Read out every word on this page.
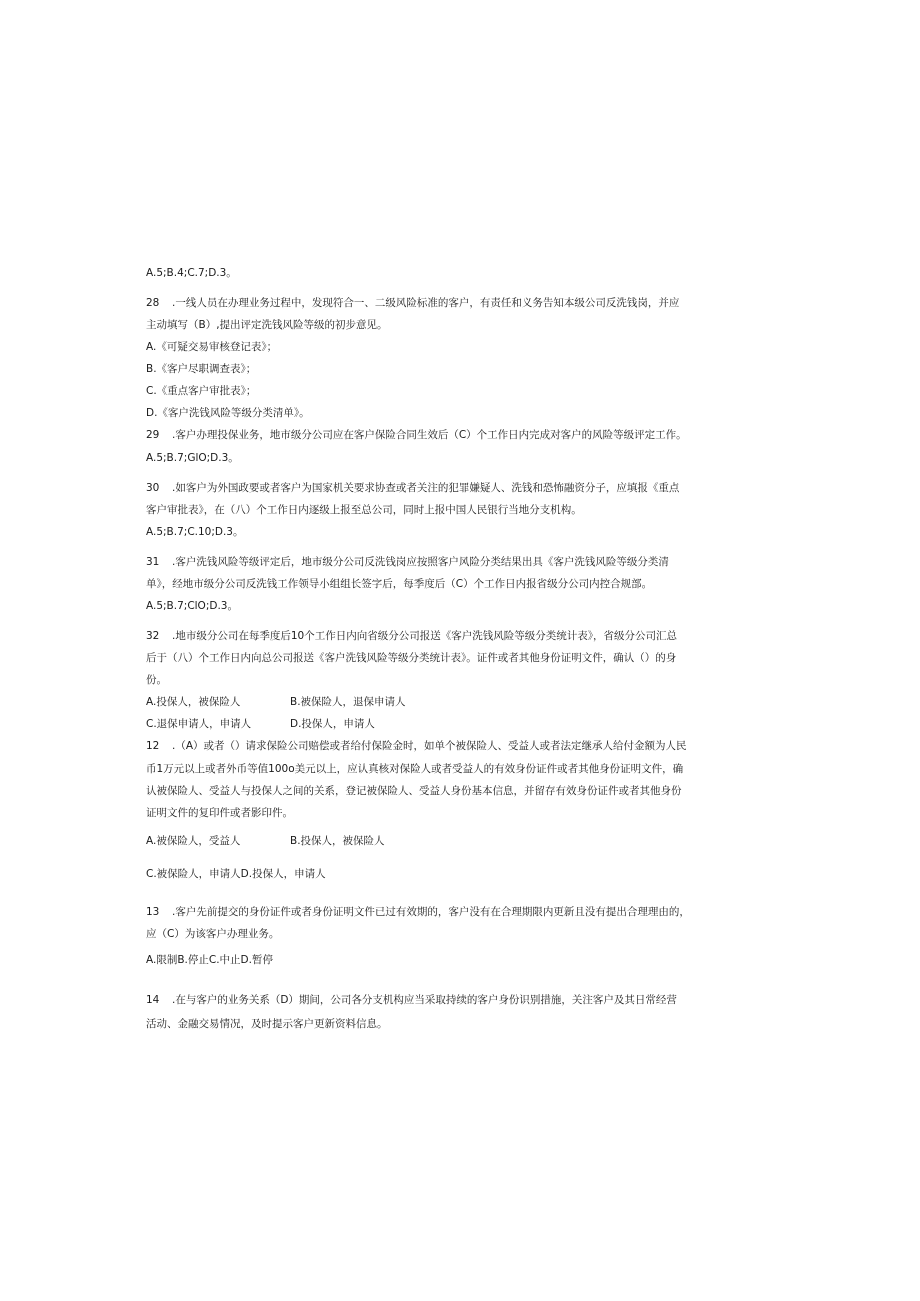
A.5;B.4;C.7;D.3。
28 .一线人员在办理业务过程中，发现符合一、二级风险标准的客户，有责任和义务告知本级公司反洗钱岗，并应
主动填写（B）,提出评定洗钱风险等级的初步意见。
A.《可疑交易审核登记表》；
B.《客户尽职调查表》；
C.《重点客户审批表》；
D.《客户洗钱风险等级分类清单》。
29 .客户办理投保业务，地市级分公司应在客户保险合同生效后（C）个工作日内完成对客户的风险等级评定工作。
A.5;B.7;GlO;D.3。
30 .如客户为外国政要或者客户为国家机关要求协查或者关注的犯罪嫌疑人、洗钱和恐怖融资分子，应填报《重点
客户审批表》，在（八）个工作日内逐级上报至总公司，同时上报中国人民银行当地分支机构。
A.5;B.7;C.10;D.3。
31 .客户洗钱风险等级评定后，地市级分公司反洗钱岗应按照客户风险分类结果出具《客户洗钱风险等级分类清
单》，经地市级分公司反洗钱工作领导小组组长签字后，每季度后（C）个工作日内报省级分公司内控合规部。
A.5;B.7;ClO;D.3。
32 .地市级分公司在每季度后10个工作日内向省级分公司报送《客户洗钱风险等级分类统计表》，省级分公司汇总
后于（八）个工作日内向总公司报送《客户洗钱风险等级分类统计表》。证件或者其他身份证明文件，确认（）的身
份。
A.投保人，被保险人	B.被保险人，退保申请人
C.退保申请人，申请人	D.投保人，申请人
12 .（A）或者（）请求保险公司赔偿或者给付保险金时，如单个被保险人、受益人或者法定继承人给付金额为人民
币1万元以上或者外币等值100o美元以上，应认真核对保险人或者受益人的有效身份证件或者其他身份证明文件，确
认被保险人、受益人与投保人之间的关系，登记被保险人、受益人身份基本信息，并留存有效身份证件或者其他身份
证明文件的复印件或者影印件。
A.被保险人，受益人	B.投保人，被保险人
C.被保险人，申请人D.投保人，申请人
13 .客户先前提交的身份证件或者身份证明文件已过有效期的，客户没有在合理期限内更新且没有提出合理理由的，
应（C）为该客户办理业务。
A.限制B.停止C.中止D.暂停
14 .在与客户的业务关系（D）期间，公司各分支机构应当采取持续的客户身份识别措施，关注客户及其日常经营
活动、金融交易情况，及时提示客户更新资料信息。
